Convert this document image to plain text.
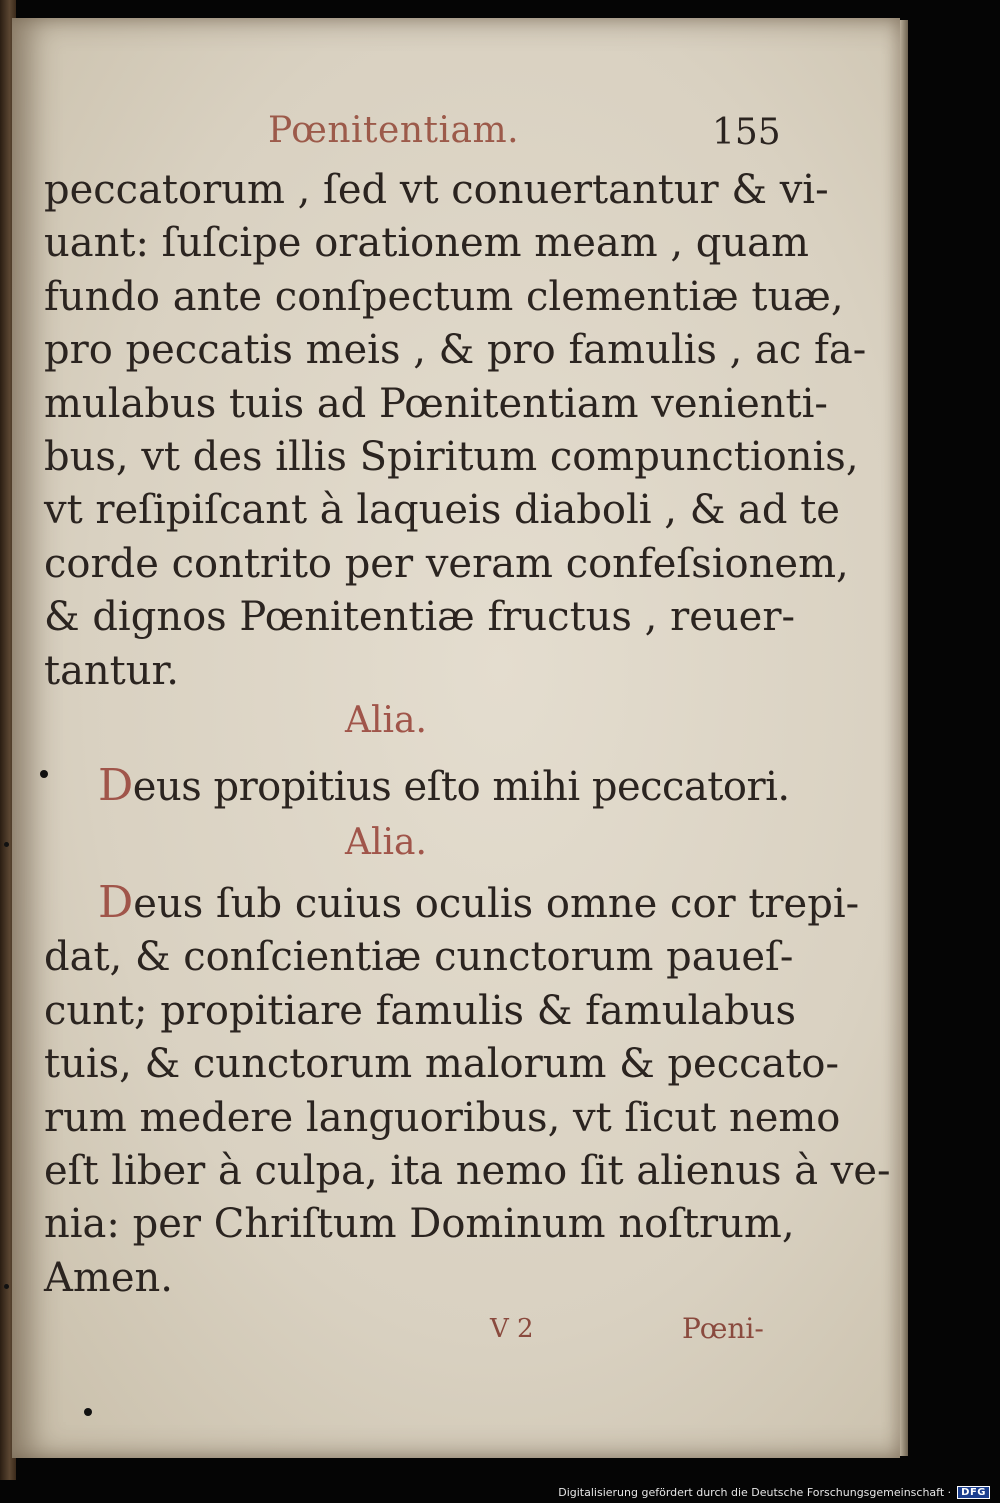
Pœnitentiam.	155
peccatorum , ſed vt conuertantur & vi-
uant: ſuſcipe orationem meam , quam
fundo ante conſpectum clementiæ tuæ,
pro peccatis meis , & pro famulis , ac fa-
mulabus tuis ad Pœnitentiam venienti-
bus, vt des illis Spiritum compunctionis,
vt reſipiſcant à laqueis diaboli , & ad te
corde contrito per veram confeſsionem,
& dignos Pœnitentiæ fructus , reuer-
tantur.
Alia.
Deus propitius eſto mihi peccatori.
Alia.
Deus ſub cuius oculis omne cor trepi-
dat, & conſcientiæ cunctorum paueſ-
cunt; propitiare famulis & famulabus
tuis, & cunctorum malorum & peccato-
rum medere languoribus, vt ſicut nemo
eſt liber à culpa, ita nemo ſit alienus à ve-
nia: per Chriſtum Dominum noſtrum,
Amen.
V 2	Pœni-
Digitalisierung gefördert durch die Deutsche Forschungsgemeinschaft ·	DFG
